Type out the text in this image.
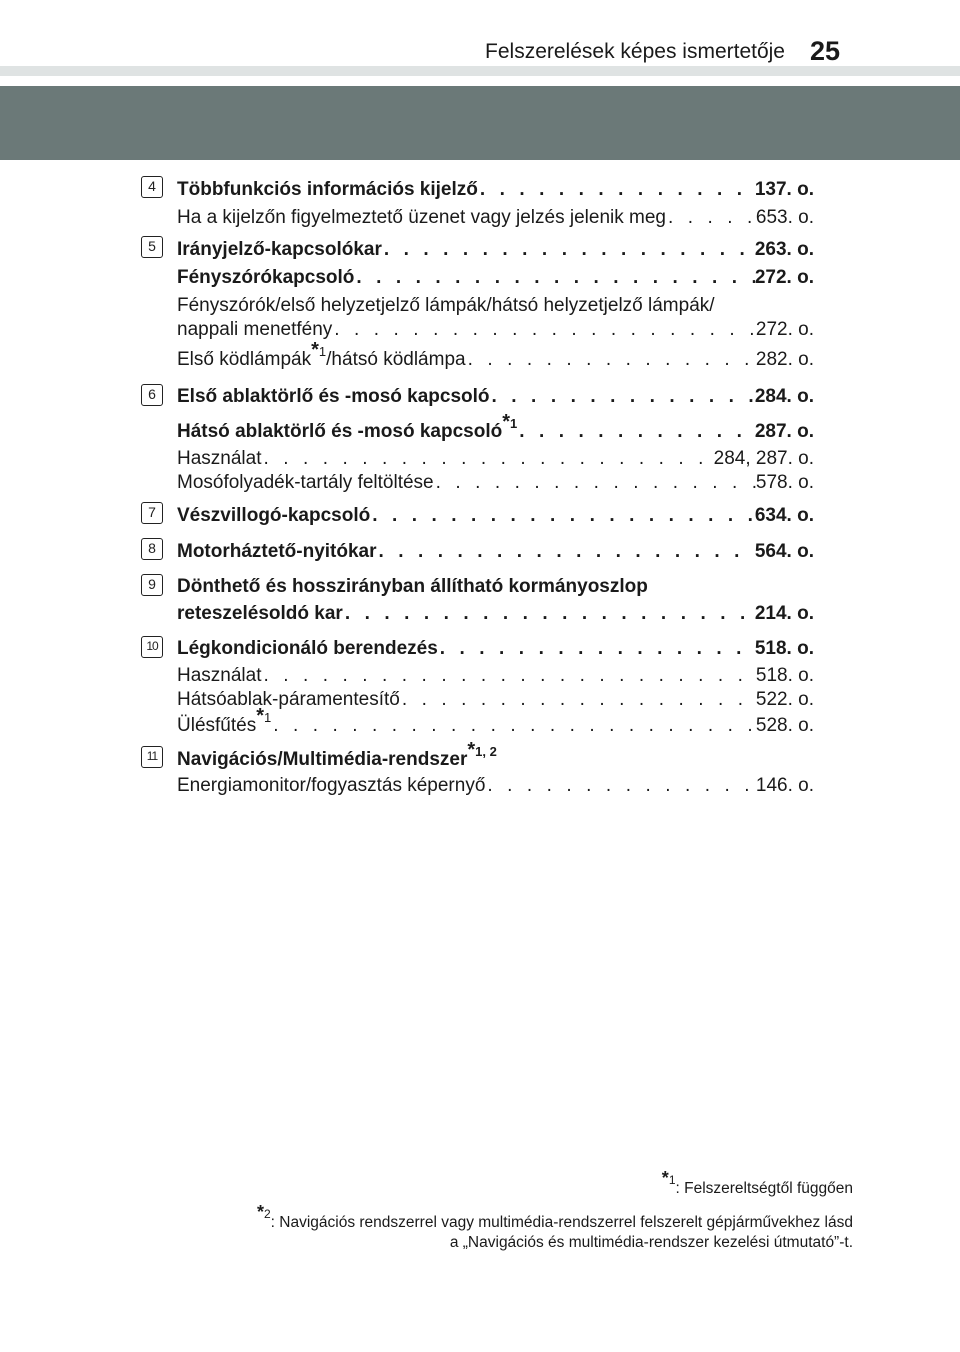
Felszerelések képes ismertetője 25
4	Többfunkciós információs kijelző . . .	137. o.
Ha a kijelzőn figyelmeztető üzenet vagy jelzés jelenik meg . . .	653. o.
5	Irányjelző-kapcsolókar . . .	263. o.
Fényszórókapcsoló . . .	272. o.
Fényszórók/első helyzetjelző lámpák/hátsó helyzetjelző lámpák/
nappali menetfény . . .	272. o.
Első ködlámpák$^{*1}$/hátsó ködlámpa . . .	282. o.
6	Első ablaktörlő és -mosó kapcsoló . . .	284. o.
Hátsó ablaktörlő és -mosó kapcsoló$^{*1}$ . . .	287. o.
Használat . . .	284, 287. o.
Mosófolyadék-tartály feltöltése . . .	578. o.
7	Vészvillogó-kapcsoló . . .	634. o.
8	Motorháztető-nyitókar . . .	564. o.
9	Dönthető és hosszirányban állítható kormányoszlop
reteszelésoldó kar . . .	214. o.
10 Légkondicionáló berendezés . . .	518. o.
Használat . . .	518. o.
Hátsóablak-páramentesítő . . .	522. o.
Ülésfűtés$^{*1}$ . . .	528. o.
11	Navigációs/Multimédia-rendszer$^{*1, 2}$
Energiamonitor/fogyasztás képernyő . . .	146. o.
$^{*1}$: Felszereltségtől függően
$^{*2}$: Navigációs rendszerrel vagy multimédia-rendszerrel felszerelt gépjárművekhez lásd
a „Navigációs és multimédia-rendszer kezelési útmutató”-t.
